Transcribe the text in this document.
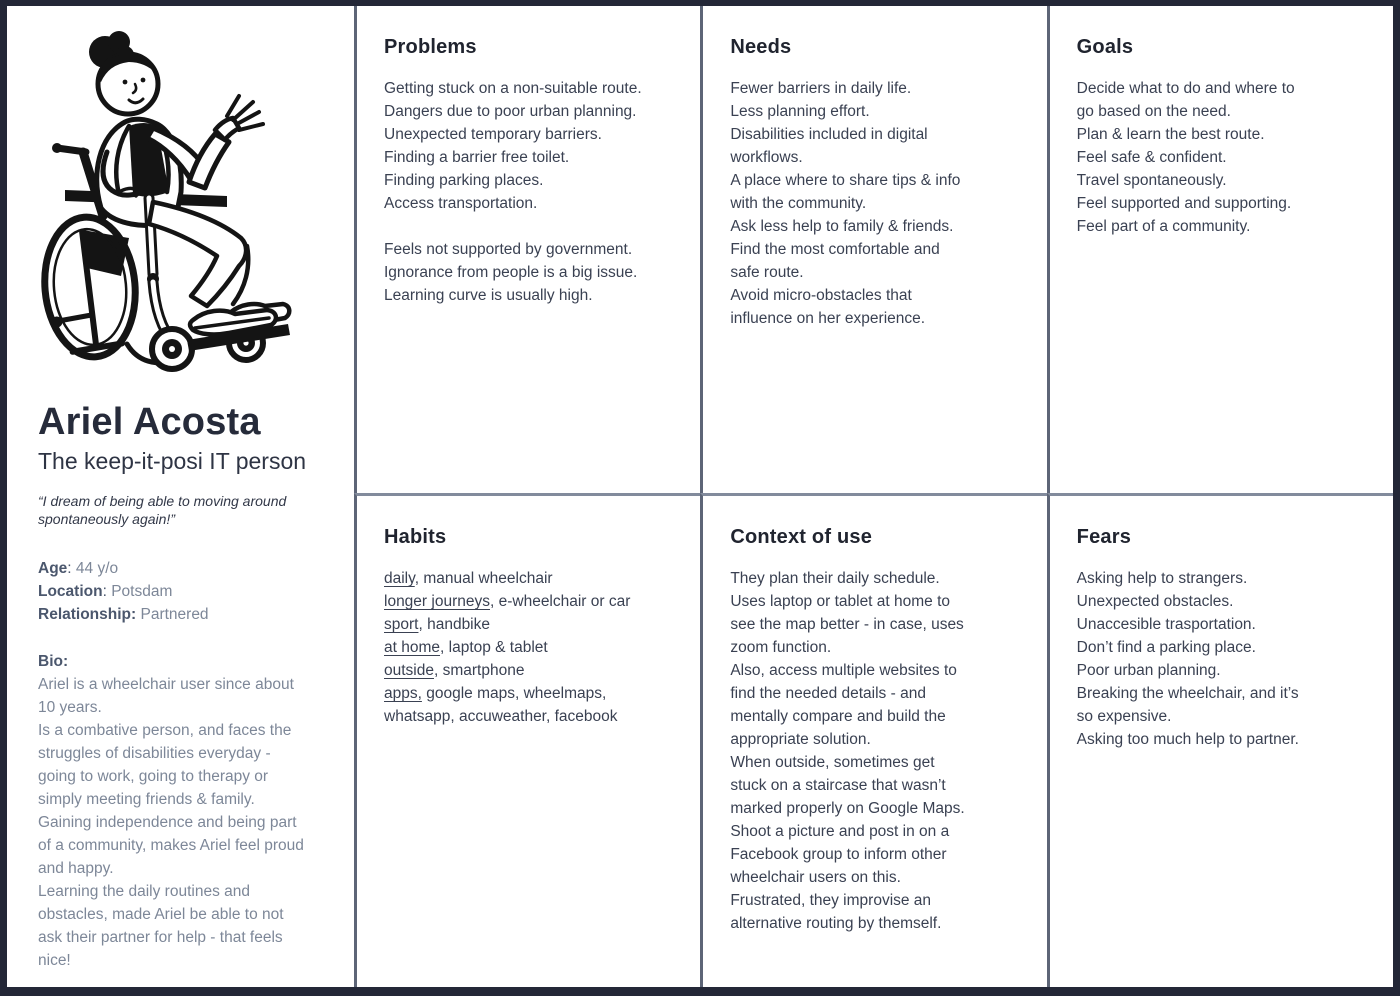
Ariel Acosta
The keep-it-posi IT person
“I dream of being able to moving around
spontaneously again!”
Age: 44 y/o
Location: Potsdam
Relationship: Partnered
Bio:
Ariel is a wheelchair user since about
10 years.
Is a combative person, and faces the
struggles of disabilities everyday -
going to work, going to therapy or
simply meeting friends & family.
Gaining independence and being part
of a community, makes Ariel feel proud
and happy.
Learning the daily routines and
obstacles, made Ariel be able to not
ask their partner for help - that feels
nice!
Problems
Getting stuck on a non-suitable route.
Dangers due to poor urban planning.
Unexpected temporary barriers.
Finding a barrier free toilet.
Finding parking places.
Access transportation.
Feels not supported by government.
Ignorance from people is a big issue.
Learning curve is usually high.
Needs
Fewer barriers in daily life.
Less planning effort.
Disabilities included in digital
workflows.
A place where to share tips & info
with the community.
Ask less help to family & friends.
Find the most comfortable and
safe route.
Avoid micro-obstacles that
influence on her experience.
Goals
Decide what to do and where to
go based on the need.
Plan & learn the best route.
Feel safe & confident.
Travel spontaneously.
Feel supported and supporting.
Feel part of a community.
Habits
daily, manual wheelchair
longer journeys, e-wheelchair or car
sport, handbike
at home, laptop & tablet
outside, smartphone
apps, google maps, wheelmaps,
whatsapp, accuweather, facebook
Context of use
They plan their daily schedule.
Uses laptop or tablet at home to
see the map better - in case, uses
zoom function.
Also, access multiple websites to
find the needed details - and
mentally compare and build the
appropriate solution.
When outside, sometimes get
stuck on a staircase that wasn’t
marked properly on Google Maps.
Shoot a picture and post in on a
Facebook group to inform other
wheelchair users on this.
Frustrated, they improvise an
alternative routing by themself.
Fears
Asking help to strangers.
Unexpected obstacles.
Unaccesible trasportation.
Don’t find a parking place.
Poor urban planning.
Breaking the wheelchair, and it’s
so expensive.
Asking too much help to partner.
